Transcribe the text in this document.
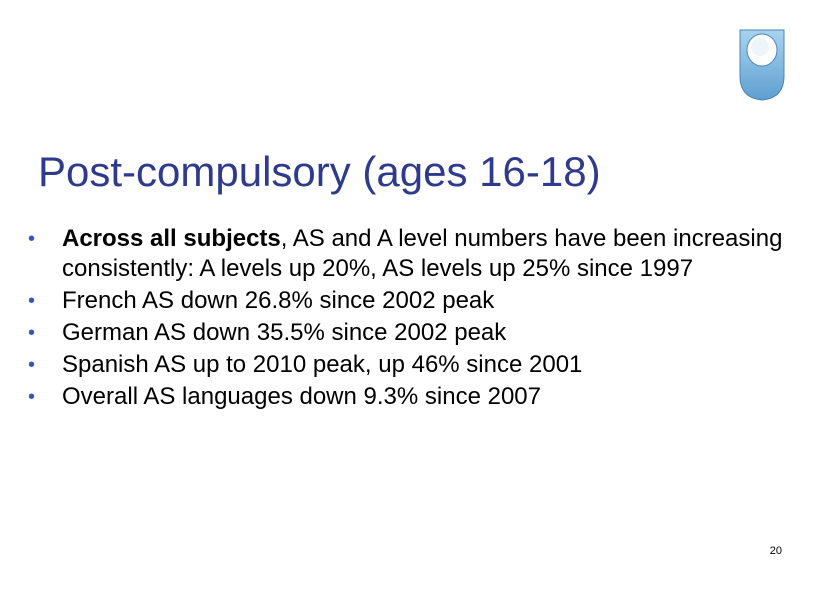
Post-compulsory (ages 16-18)
•	Across all subjects, AS and A level numbers have been increasing consistently: A levels up 20%, AS levels up 25% since 1997
•	French AS down 26.8% since 2002 peak
•	German AS down 35.5% since 2002 peak
•	Spanish AS up to 2010 peak, up 46% since 2001
•	Overall AS languages down 9.3% since 2007
20
